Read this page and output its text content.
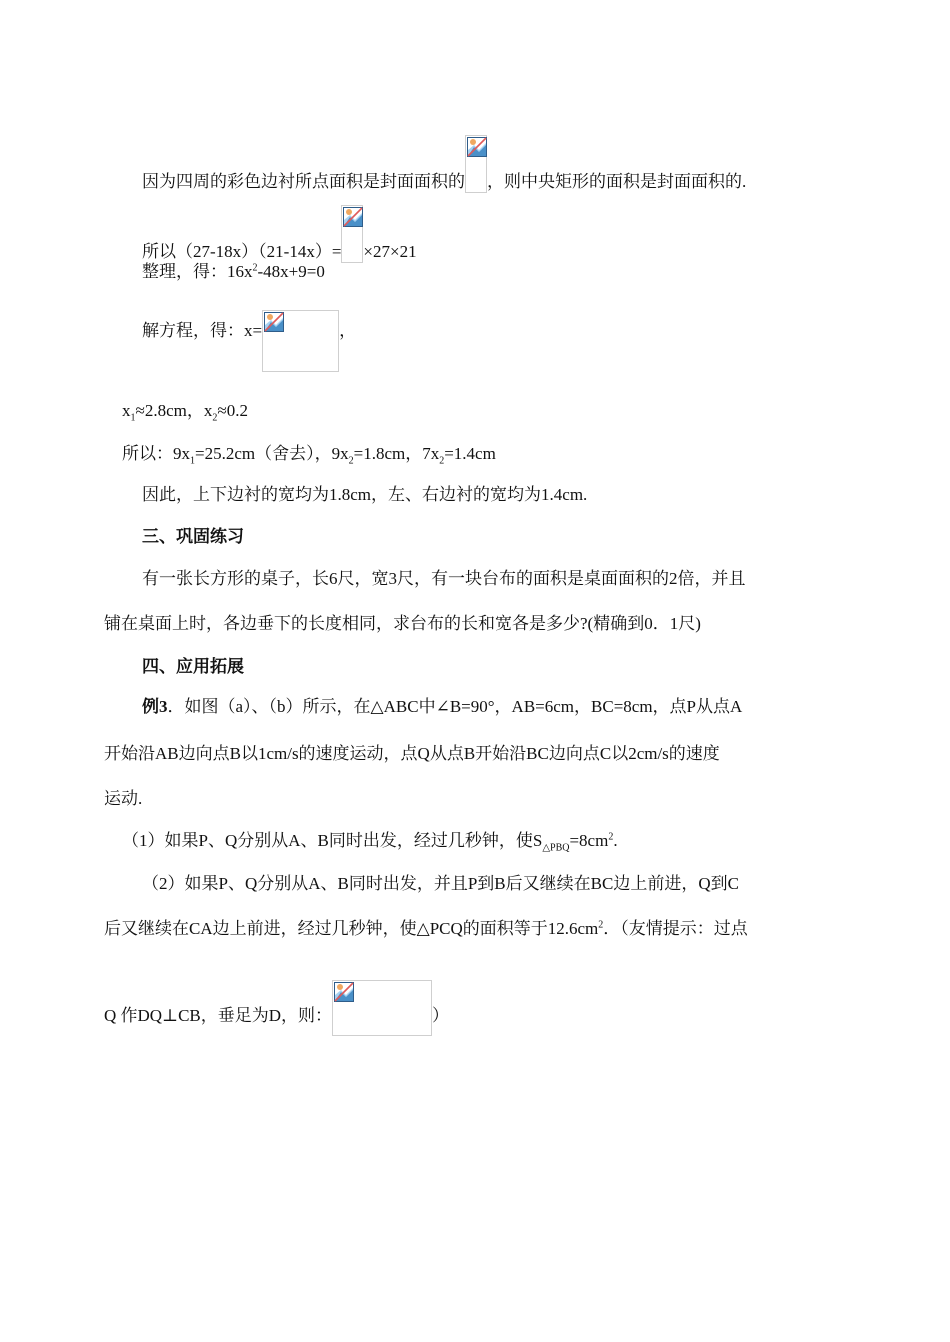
因为四周的彩色边衬所点面积是封面面积的 ，则中央矩形的面积是封面面积的.
所以（27-18x）（21-14x）= ×27×21
整理，得：$16x^2-48x+9=0$
解方程，得：x=	，
$x_1\approx 2.8cm$，$x_2\approx 0.2$
所以：$9x_1=25.2cm$（舍去），$9x_2=1.8cm$，$7x_2=1.4cm$
因此，上下边衬的宽均为1.8cm，左、右边衬的宽均为1.4cm.
三、巩固练习
有一张长方形的桌子，长6尺，宽3尺，有一块台布的面积是桌面面积的2倍，并且
铺在桌面上时，各边垂下的长度相同，求台布的长和宽各是多少?(精确到0．1尺)
四、应用拓展
例3．如图（a）、（b）所示，在△ABC中∠B=90°，AB=6cm，BC=8cm，点P从点A
开始沿AB边向点B以1cm/s的速度运动，点Q从点B开始沿BC边向点C以2cm/s的速度
运动.
（1）如果P、Q分别从A、B同时出发，经过几秒钟，使$S_{\triangle PBQ}=8cm^2$.
（2）如果P、Q分别从A、B同时出发，并且P到B后又继续在BC边上前进，Q到C
后又继续在CA边上前进，经过几秒钟，使△PCQ的面积等于$12.6cm^2$．（友情提示：过点
Q 作DQ⊥CB，垂足为D，则：	）
